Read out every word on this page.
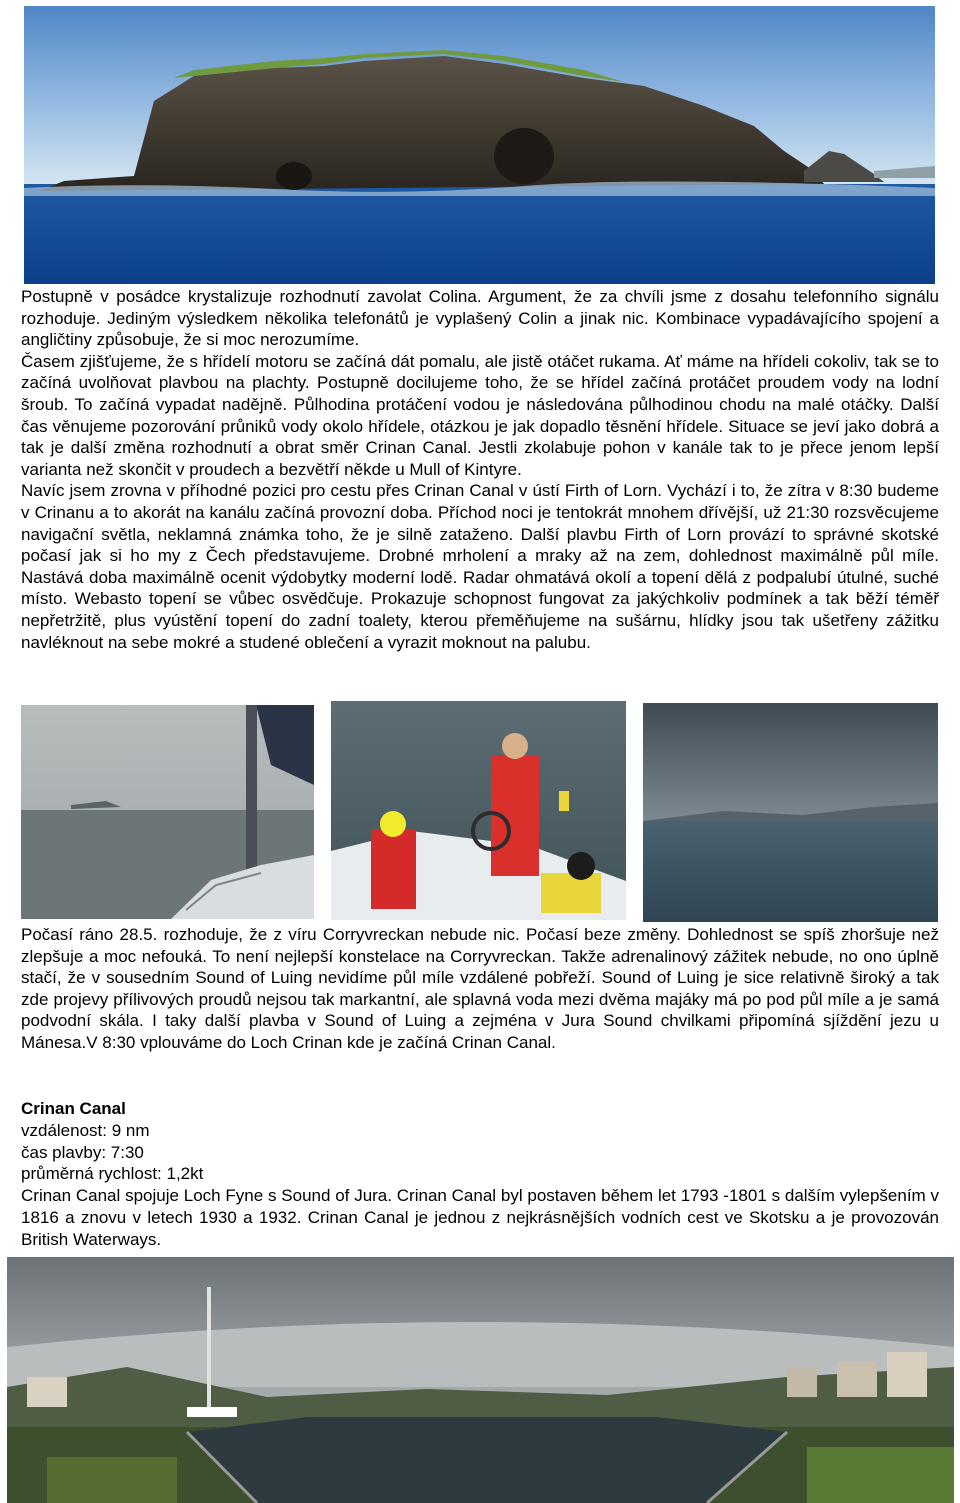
Postupně v posádce krystalizuje rozhodnutí zavolat Colina. Argument, že za chvíli jsme z dosahu telefonního signálu rozhoduje. Jediným výsledkem několika telefonátů je vyplašený Colin a jinak nic. Kombinace vypadávajícího spojení a angličtiny způsobuje, že si moc nerozumíme.

Časem zjišťujeme, že s hřídelí motoru se začíná dát pomalu, ale jistě otáčet rukama. Ať máme na hřídeli cokoliv, tak se to začíná uvolňovat plavbou na plachty. Postupně docilujeme toho, že se hřídel začíná protáčet proudem vody na lodní šroub. To začíná vypadat nadějně. Půlhodina protáčení vodou je následována půlhodinou chodu na malé otáčky. Další čas věnujeme pozorování průniků vody okolo hřídele, otázkou je jak dopadlo těsnění hřídele. Situace se jeví jako dobrá a tak je další změna rozhodnutí a obrat směr Crinan Canal. Jestli zkolabuje pohon v kanále tak to je přece jenom lepší varianta než skončit v proudech a bezvětří někde u Mull of Kintyre.

Navíc jsem zrovna v příhodné pozici pro cestu přes Crinan Canal v ústí Firth of Lorn. Vychází i to, že zítra v 8:30 budeme v Crinanu a to akorát na kanálu začíná provozní doba. Příchod noci je tentokrát mnohem dřívější, už 21:30 rozsvěcujeme navigační světla, neklamná známka toho, že je silně zataženo. Další plavbu Firth of Lorn provází to správné skotské počasí jak si ho my z Čech představujeme. Drobné mrholení a mraky až na zem, dohlednost maximálně půl míle. Nastává doba maximálně ocenit výdobytky moderní lodě. Radar ohmatává okolí a topení dělá z podpalubí útulné, suché místo. Webasto topení se vůbec osvědčuje. Prokazuje schopnost fungovat za jakýchkoliv podmínek a tak běží téměř nepřetržitě, plus vyústění topení do zadní toalety, kterou přeměňujeme na sušárnu, hlídky jsou tak ušetřeny zážitku navléknout na sebe mokré a studené oblečení a vyrazit moknout na palubu.

Počasí ráno 28.5. rozhoduje, že z víru Corryvreckan nebude nic. Počasí beze změny. Dohlednost se spíš zhoršuje než zlepšuje a moc nefouká. To není nejlepší konstelace na Corryvreckan. Takže adrenalinový zážitek nebude, no ono úplně stačí, že v sousedním Sound of Luing nevidíme půl míle vzdálené pobřeží. Sound of Luing je sice relativně široký a tak zde projevy přílivových proudů nejsou tak markantní, ale splavná voda mezi dvěma majáky má po pod půl míle a je samá podvodní skála. I taky další plavba v Sound of Luing a zejména v Jura Sound chvilkami připomíná sjíždění jezu u Mánesa.V 8:30 vplouváme do Loch Crinan kde je začíná Crinan Canal.

Crinan Canal

vzdálenost: 9 nm

čas plavby: 7:30

průměrná rychlost: 1,2kt

Crinan Canal spojuje Loch Fyne s Sound of Jura. Crinan Canal byl postaven během let 1793 -1801 s dalším vylepšením v 1816 a znovu v letech 1930 a 1932. Crinan Canal je jednou z nejkrásnějších vodních cest ve Skotsku a je provozován British Waterways.
